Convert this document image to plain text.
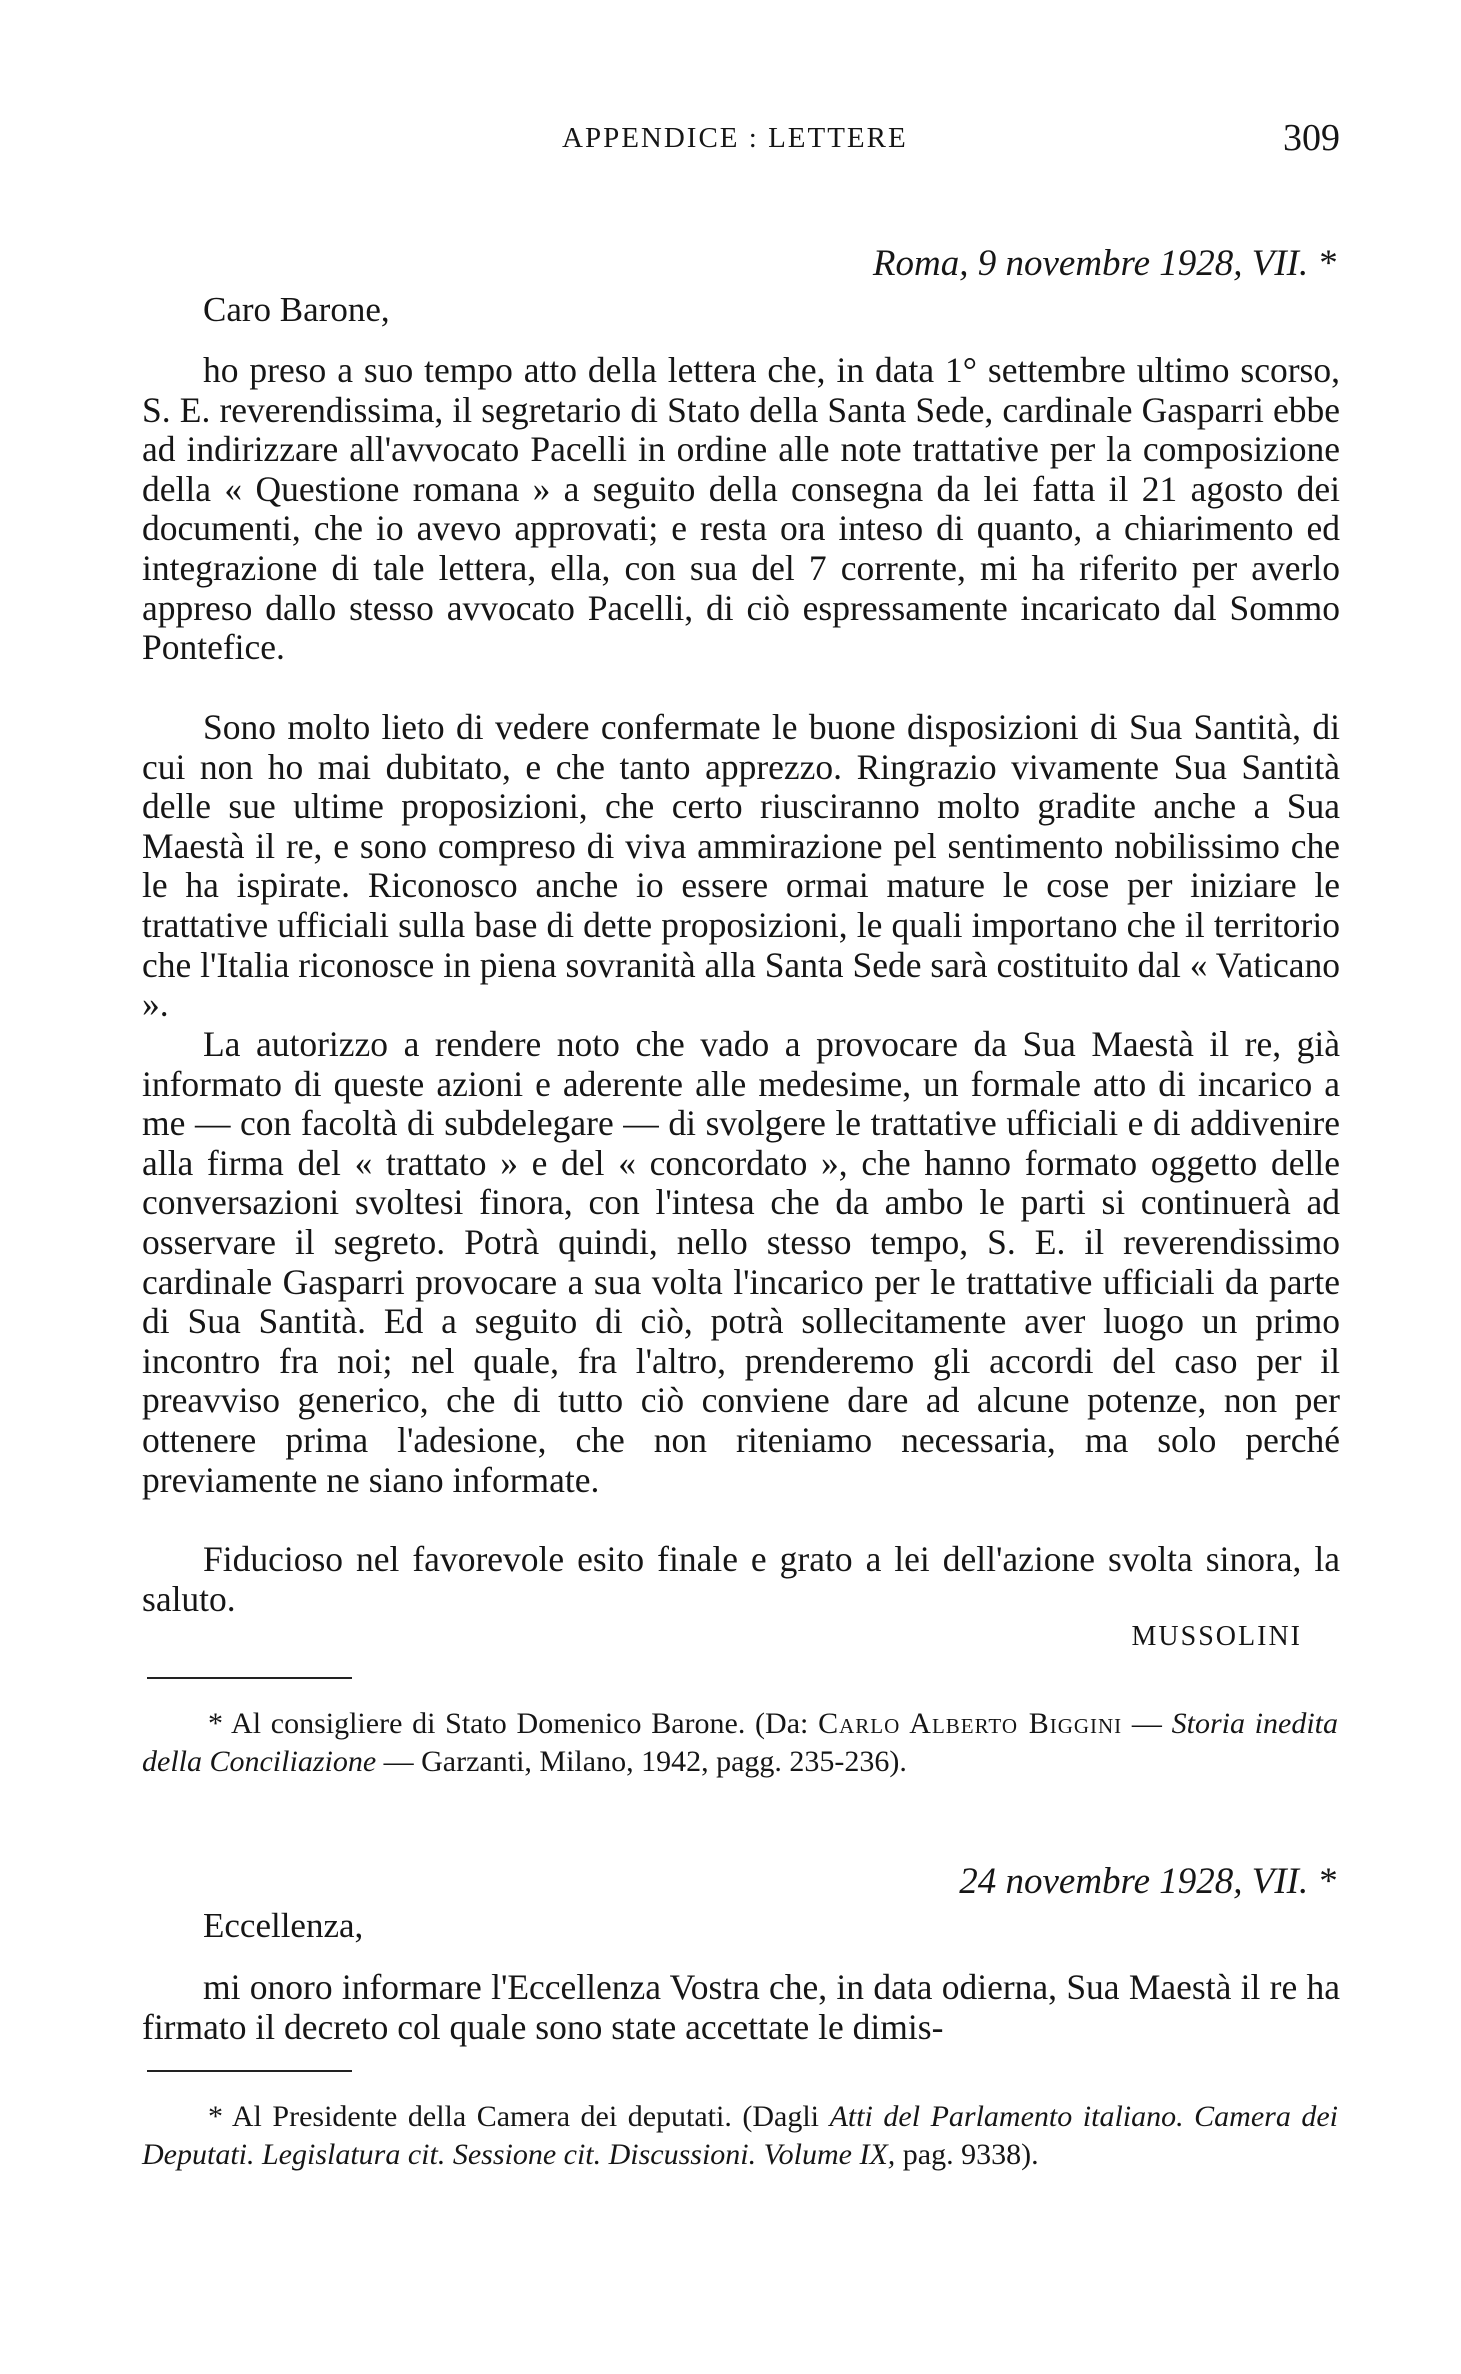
APPENDICE : LETTERE	309
Roma, 9 novembre 1928, VII. *
Caro Barone,

ho preso a suo tempo atto della lettera che, in data 1° settembre ultimo scorso, S. E. reverendissima, il segretario di Stato della Santa Sede, cardinale Gasparri ebbe ad indirizzare all'avvocato Pacelli in ordine alle note trattative per la composizione della « Questione romana » a seguito della consegna da lei fatta il 21 agosto dei documenti, che io avevo approvati; e resta ora inteso di quanto, a chiarimento ed integrazione di tale lettera, ella, con sua del 7 corrente, mi ha riferito per averlo appreso dallo stesso avvocato Pacelli, di ciò espressamente incaricato dal Sommo Pontefice.

Sono molto lieto di vedere confermate le buone disposizioni di Sua Santità, di cui non ho mai dubitato, e che tanto apprezzo. Ringrazio vivamente Sua Santità delle sue ultime proposizioni, che certo riusciranno molto gradite anche a Sua Maestà il re, e sono compreso di viva ammirazione pel sentimento nobilissimo che le ha ispirate. Riconosco anche io essere ormai mature le cose per iniziare le trattative ufficiali sulla base di dette proposizioni, le quali importano che il territorio che l'Italia riconosce in piena sovranità alla Santa Sede sarà costituito dal « Vaticano ».

La autorizzo a rendere noto che vado a provocare da Sua Maestà il re, già informato di queste azioni e aderente alle medesime, un formale atto di incarico a me — con facoltà di subdelegare — di svolgere le trattative ufficiali e di addivenire alla firma del « trattato » e del « concordato », che hanno formato oggetto delle conversazioni svoltesi finora, con l'intesa che da ambo le parti si continuerà ad osservare il segreto. Potrà quindi, nello stesso tempo, S. E. il reverendissimo cardinale Gasparri provocare a sua volta l'incarico per le trattative ufficiali da parte di Sua Santità. Ed a seguito di ciò, potrà sollecitamente aver luogo un primo incontro fra noi; nel quale, fra l'altro, prenderemo gli accordi del caso per il preavviso generico, che di tutto ciò conviene dare ad alcune potenze, non per ottenere prima l'adesione, che non riteniamo necessaria, ma solo perché previamente ne siano informate.

Fiducioso nel favorevole esito finale e grato a lei dell'azione svolta sinora, la saluto.

MUSSOLINI

* Al consigliere di Stato Domenico Barone. (Da: Carlo Alberto Biggini — Storia inedita della Conciliazione — Garzanti, Milano, 1942, pagg. 235-236).

24 novembre 1928, VII. *
Eccellenza,

mi onoro informare l'Eccellenza Vostra che, in data odierna, Sua Maestà il re ha firmato il decreto col quale sono state accettate le dimis-

* Al Presidente della Camera dei deputati. (Dagli Atti del Parlamento italiano. Camera dei Deputati. Legislatura cit. Sessione cit. Discussioni. Volume IX, pag. 9338).
